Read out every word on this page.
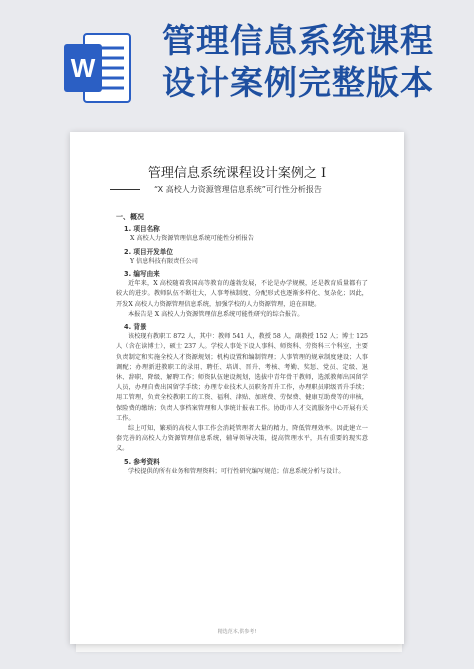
W
管理信息系统课程
设计案例完整版本
管理信息系统课程设计案例之 I
“X 高校人力资源管理信息系统”可行性分析报告
一、概况
1. 项目名称
X 高校人力资源管理信息系统可能性分析报告
2. 项目开发单位
Y 信息科技有限责任公司
3. 编写由来
近年来，X 高校随着我国高等教育的蓬勃发展，不论是办学规模，还是教育质量都有了较大的进步。教师队伍不断壮大，人事考核制度、分配形式也逐渐多样化、复杂化；因此，开发X 高校人力资源管理信息系统，加强学校的人力资源管理，迫在眉睫。
本报告是 X 高校人力资源管理信息系统可能性研究的综合报告。
4. 背景
该校现有教职工 872 人，其中：教师 541 人，教授 58 人，副教授 152 人；博士 125 人（含在读博士），硕士 237 人。学校人事处下设人事科、师资科、劳资科三个科室，主要负责制定和实施全校人才资源规划；机构设置和编制管理；人事管理的规章制度建设；人事调配；办理新进教职工的录用、聘任、培训、晋升、考核、考勤、奖惩、党员、定级、退休、辞职、降级、解聘工作；师资队伍建设规划，选拔中青年骨干教师，选派教师出国留学人员，办理自费出国留学手续；办理专业技术人员职务晋升工作，办理职员职级晋升手续；用工管理，负责全校教职工的工资、福利、津贴、加班费、劳保费、健康互助费等的审核，保险费的缴纳；负责人事档案管理和人事统计报表工作。协助市人才交流服务中心开展有关工作。
综上可知，繁琐的高校人事工作会消耗管理者大量的精力，降低管理效率。因此建立一套完善的高校人力资源管理信息系统，辅导领导决策，提高管理水平，具有重要的现实意义。
5. 参考资料
学校提供的所有业务和管理资料；可行性研究编写规范；信息系统分析与设计。
精选范本,供参考!
